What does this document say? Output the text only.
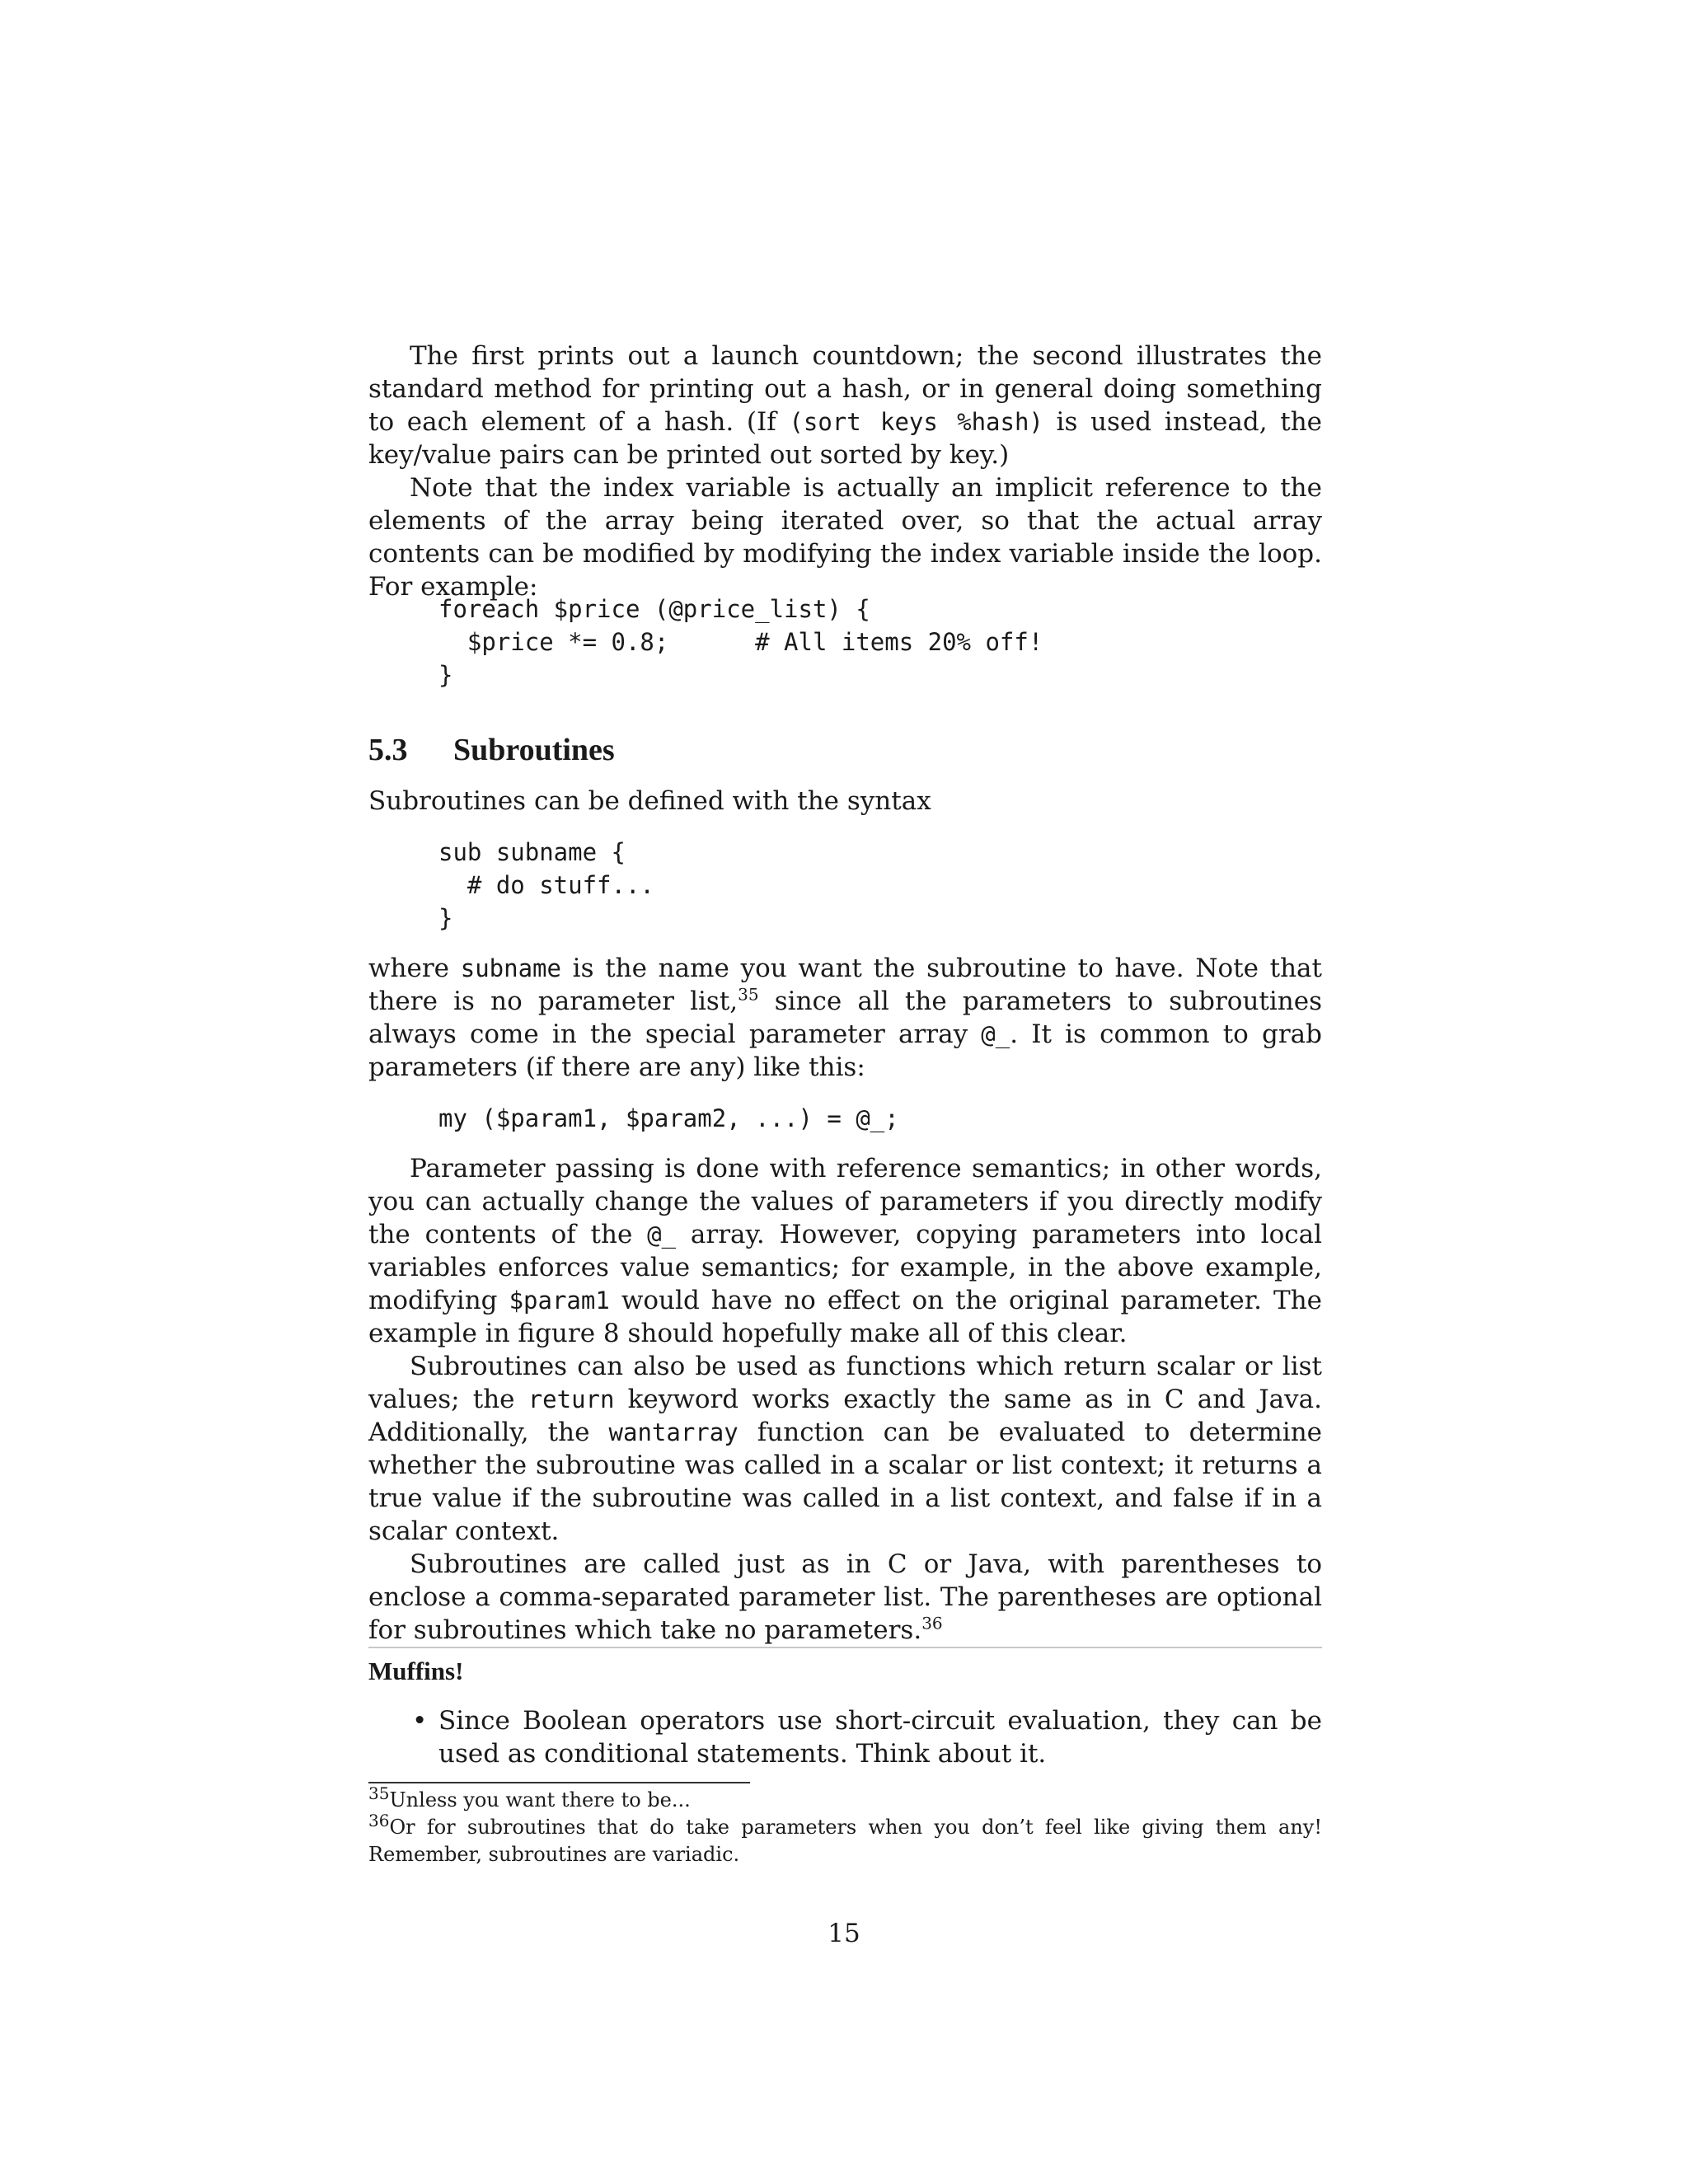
The first prints out a launch countdown; the second illustrates the standard method for printing out a hash, or in general doing something to each element of a hash. (If (sort keys %hash) is used instead, the key/value pairs can be printed out sorted by key.)

Note that the index variable is actually an implicit reference to the elements of the array being iterated over, so that the actual array contents can be modified by modifying the index variable inside the loop. For example:

foreach $price (@price_list) {
$price *= 0.8;      # All items 20% off!
}
5.3 Subroutines

Subroutines can be defined with the syntax

sub subname {
# do stuff...
}

where subname is the name you want the subroutine to have. Note that there is no parameter list,$^{35}$ since all the parameters to subroutines always come in the special parameter array @_. It is common to grab parameters (if there are any) like this:

my ($param1, $param2, ...) = @_;

Parameter passing is done with reference semantics; in other words, you can actually change the values of parameters if you directly modify the contents of the @_ array. However, copying parameters into local variables enforces value semantics; for example, in the above example, modifying $param1 would have no effect on the original parameter. The example in figure 8 should hopefully make all of this clear.

Subroutines can also be used as functions which return scalar or list values; the return keyword works exactly the same as in C and Java. Additionally, the wantarray function can be evaluated to determine whether the subroutine was called in a scalar or list context; it returns a true value if the subroutine was called in a list context, and false if in a scalar context.

Subroutines are called just as in C or Java, with parentheses to enclose a comma-separated parameter list. The parentheses are optional for subroutines which take no parameters.$^{36}$

Muffins!
• Since Boolean operators use short-circuit evaluation, they can be used as conditional statements. Think about it.

$^{35}$Unless you want there to be...

$^{36}$Or for subroutines that do take parameters when you don’t feel like giving them any! Remember, subroutines are variadic.

15
